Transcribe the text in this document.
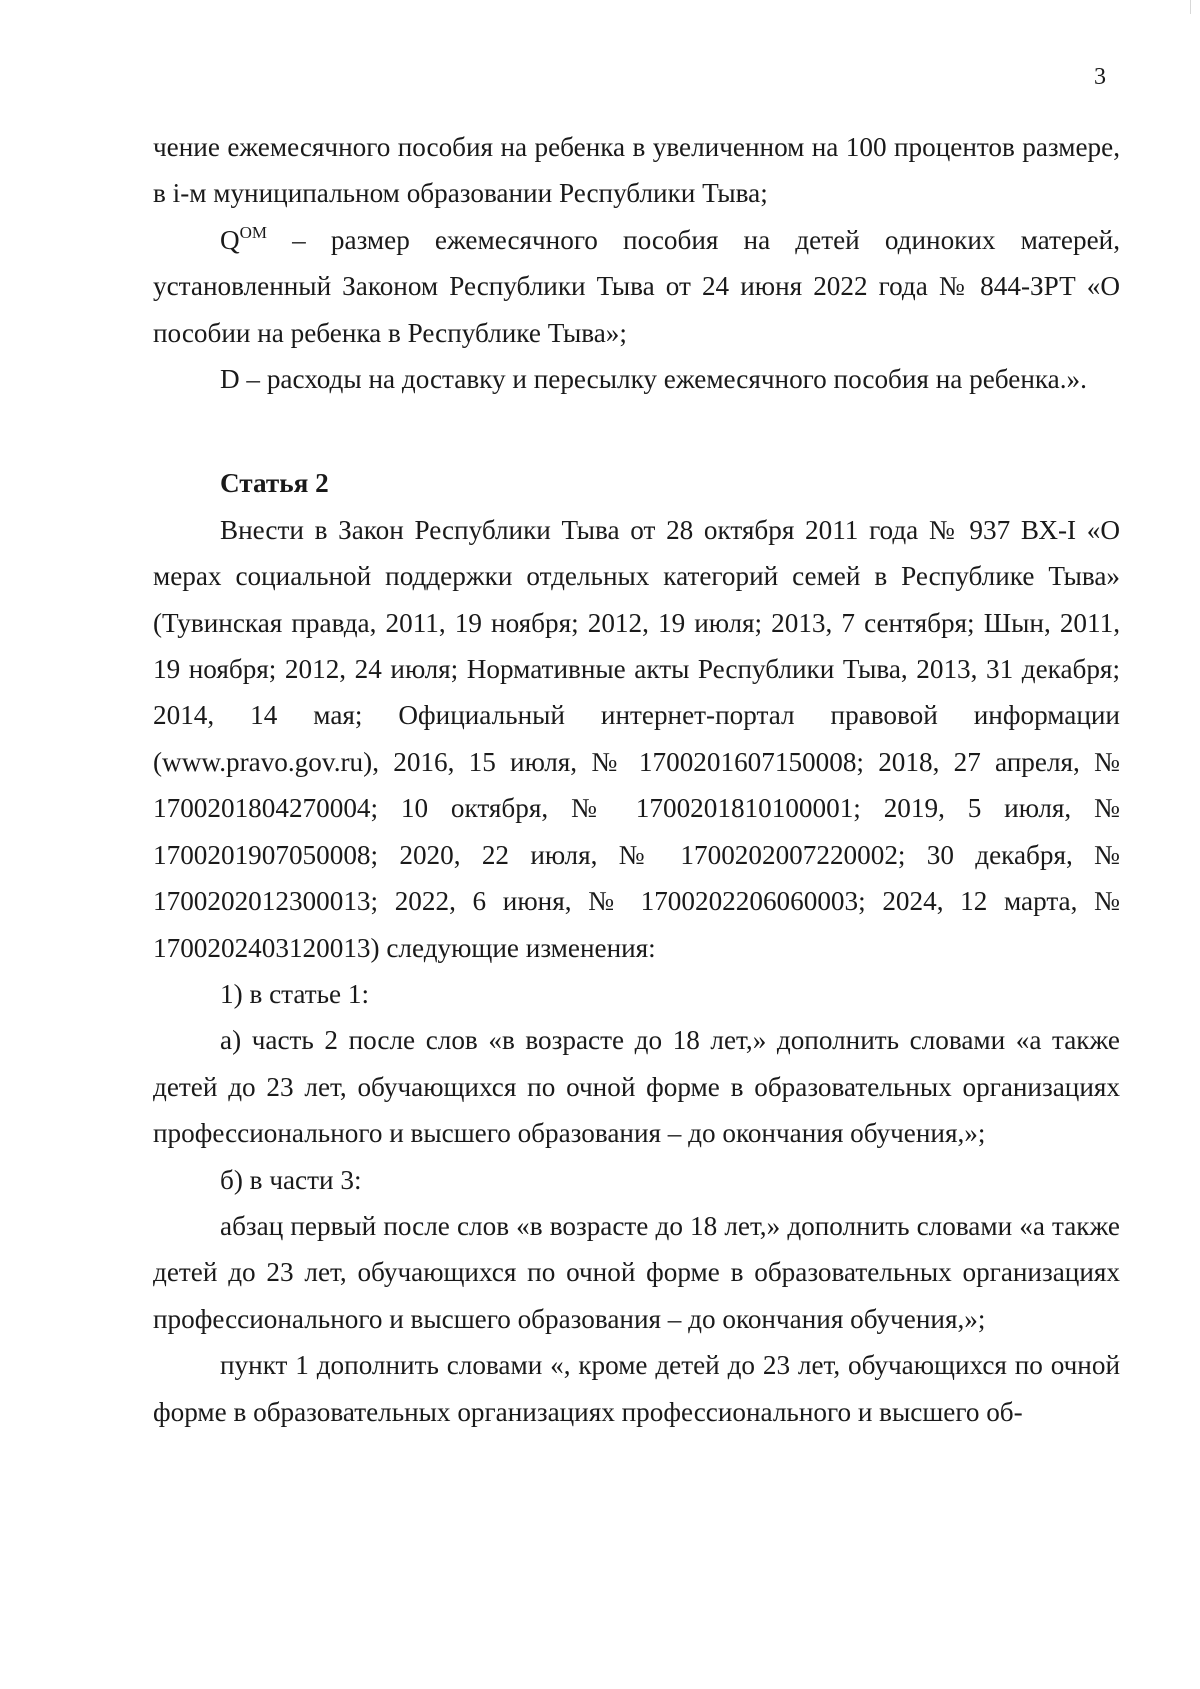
3

чение ежемесячного пособия на ребенка в увеличенном на 100 процентов размере, в i-м муниципальном образовании Республики Тыва;

$Q^{ОМ}$ – размер ежемесячного пособия на детей одиноких матерей, установленный Законом Республики Тыва от 24 июня 2022 года № 844-ЗРТ «О пособии на ребенка в Республике Тыва»;

D – расходы на доставку и пересылку ежемесячного пособия на ребенка.».

Статья 2

Внести в Закон Республики Тыва от 28 октября 2011 года № 937 ВХ-I «О мерах социальной поддержки отдельных категорий семей в Республике Тыва» (Тувинская правда, 2011, 19 ноября; 2012, 19 июля; 2013, 7 сентября; Шын, 2011, 19 ноября; 2012, 24 июля; Нормативные акты Республики Тыва, 2013, 31 декабря; 2014, 14 мая; Официальный интернет-портал правовой информации (www.pravo.gov.ru), 2016, 15 июля, № 1700201607150008; 2018, 27 апреля, № 1700201804270004; 10 октября, № 1700201810100001; 2019, 5 июля, № 1700201907050008; 2020, 22 июля, № 1700202007220002; 30 декабря, № 1700202012300013; 2022, 6 июня, № 1700202206060003; 2024, 12 марта, № 1700202403120013) следующие изменения:

1) в статье 1:

а) часть 2 после слов «в возрасте до 18 лет,» дополнить словами «а также детей до 23 лет, обучающихся по очной форме в образовательных организациях профессионального и высшего образования – до окончания обучения,»;

б) в части 3:

абзац первый после слов «в возрасте до 18 лет,» дополнить словами «а также детей до 23 лет, обучающихся по очной форме в образовательных организациях профессионального и высшего образования – до окончания обучения,»;

пункт 1 дополнить словами «, кроме детей до 23 лет, обучающихся по очной форме в образовательных организациях профессионального и высшего об-
